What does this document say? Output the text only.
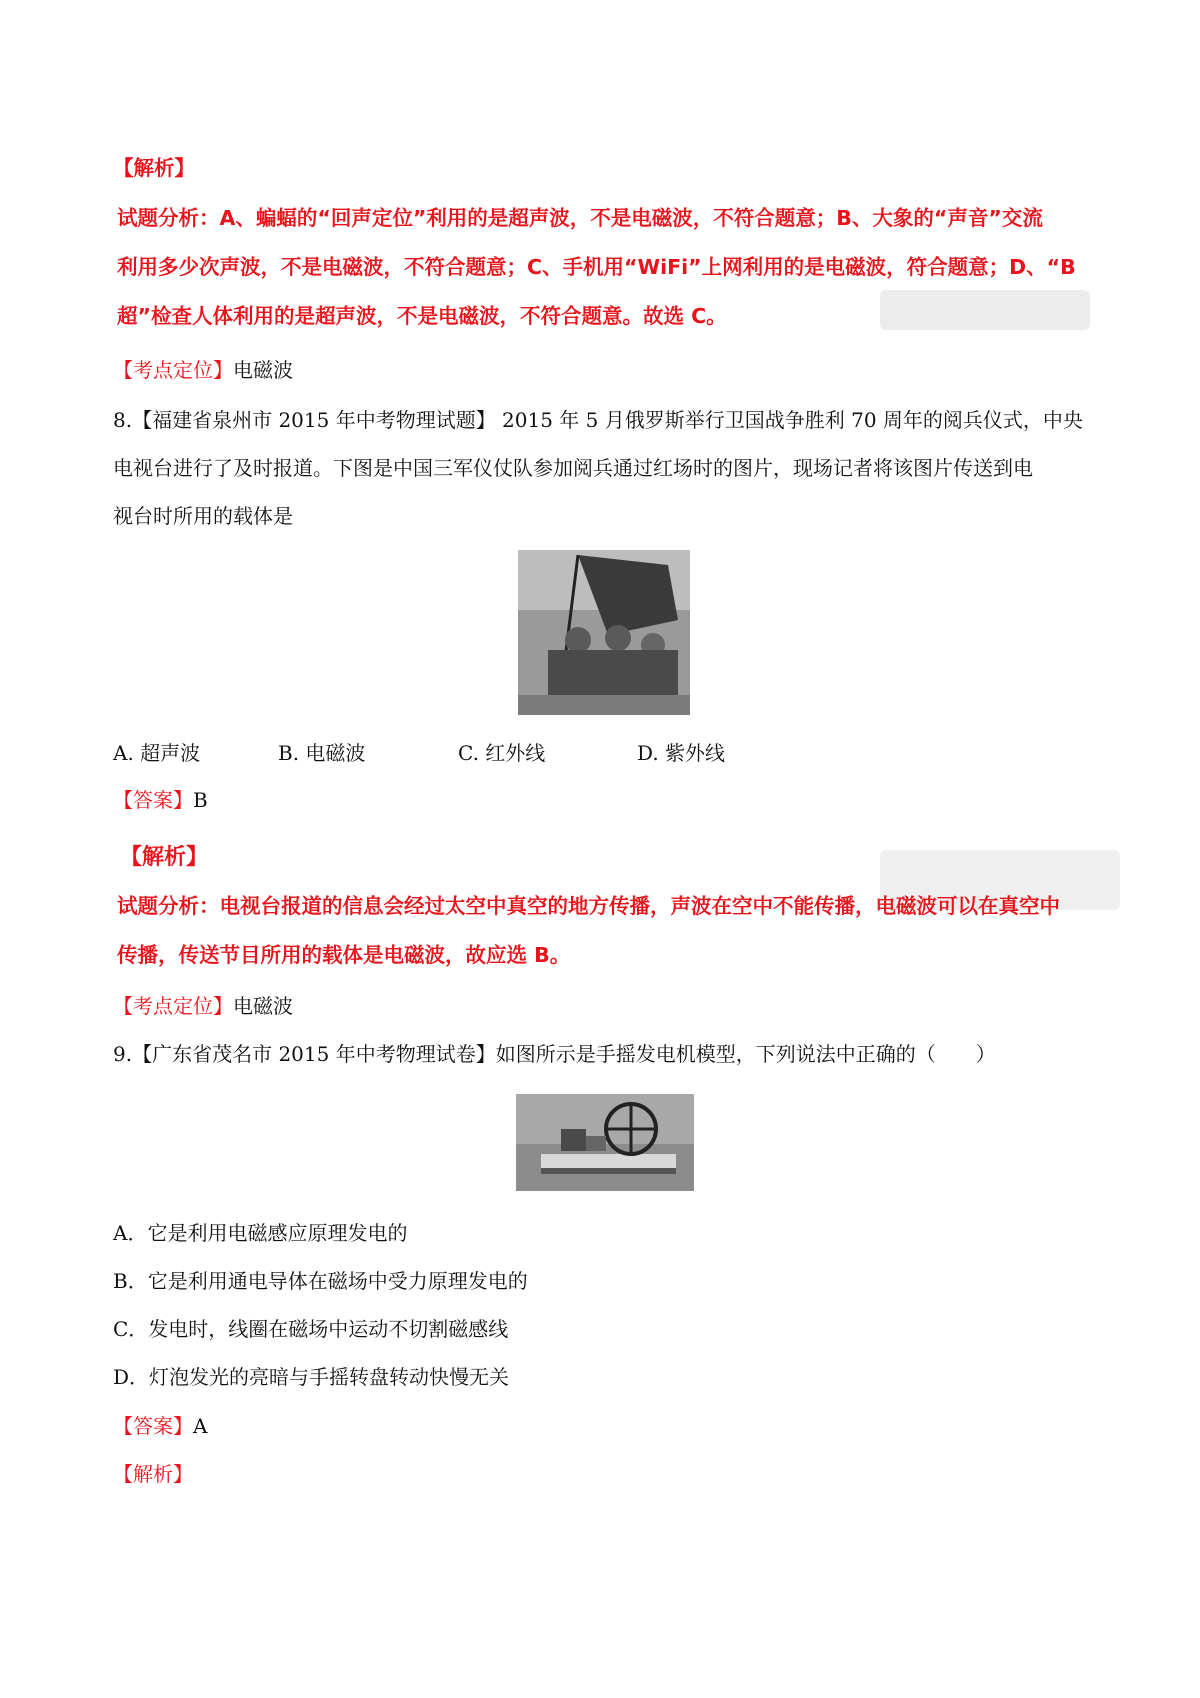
【解析】
试题分析：A、蝙蝠的“回声定位”利用的是超声波，不是电磁波，不符合题意；B、大象的“声音”交流
利用多少次声波，不是电磁波，不符合题意；C、手机用“WiFi”上网利用的是电磁波，符合题意；D、“B
超”检查人体利用的是超声波，不是电磁波，不符合题意。故选 C。
【考点定位】电磁波
8.【福建省泉州市 2015 年中考物理试题】 2015 年 5 月俄罗斯举行卫国战争胜利 70 周年的阅兵仪式，中央
电视台进行了及时报道。下图是中国三军仪仗队参加阅兵通过红场时的图片，现场记者将该图片传送到电
视台时所用的载体是
A. 超声波	B. 电磁波	C. 红外线	D. 紫外线
【答案】B
【解析】
试题分析：电视台报道的信息会经过太空中真空的地方传播，声波在空中不能传播，电磁波可以在真空中
传播，传送节目所用的载体是电磁波，故应选 B。
【考点定位】电磁波
9.【广东省茂名市 2015 年中考物理试卷】如图所示是手摇发电机模型，下列说法中正确的（　　）
A．它是利用电磁感应原理发电的
B．它是利用通电导体在磁场中受力原理发电的
C．发电时，线圈在磁场中运动不切割磁感线
D．灯泡发光的亮暗与手摇转盘转动快慢无关
【答案】A
【解析】
